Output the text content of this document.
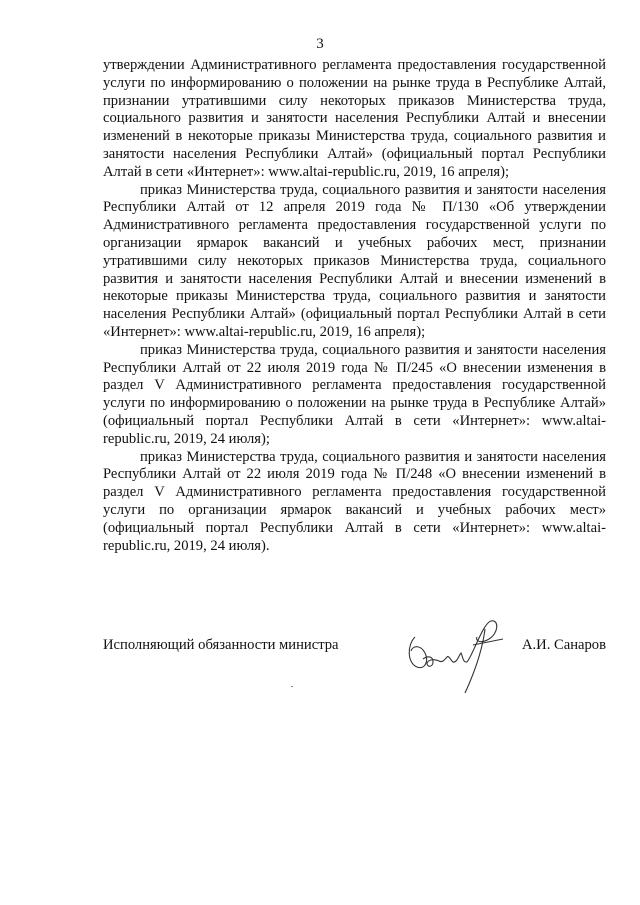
3

утверждении Административного регламента предоставления государственной услуги по информированию о положении на рынке труда в Республике Алтай, признании утратившими силу некоторых приказов Министерства труда, социального развития и занятости населения Республики Алтай и внесении изменений в некоторые приказы Министерства труда, социального развития и занятости населения Республики Алтай» (официальный портал Республики Алтай в сети «Интернет»: www.altai-republic.ru, 2019, 16 апреля);

приказ Министерства труда, социального развития и занятости населения Республики Алтай от 12 апреля 2019 года № П/130 «Об утверждении Административного регламента предоставления государственной услуги по организации ярмарок вакансий и учебных рабочих мест, признании утратившими силу некоторых приказов Министерства труда, социального развития и занятости населения Республики Алтай и внесении изменений в некоторые приказы Министерства труда, социального развития и занятости населения Республики Алтай» (официальный портал Республики Алтай в сети «Интернет»: www.altai-republic.ru, 2019, 16 апреля);

приказ Министерства труда, социального развития и занятости населения Республики Алтай от 22 июля 2019 года № П/245 «О внесении изменения в раздел V Административного регламента предоставления государственной услуги по информированию о положении на рынке труда в Республике Алтай» (официальный портал Республики Алтай в сети «Интернет»: www.altai-republic.ru, 2019, 24 июля);

приказ Министерства труда, социального развития и занятости населения Республики Алтай от 22 июля 2019 года № П/248 «О внесении изменений в раздел V Административного регламента предоставления государственной услуги по организации ярмарок вакансий и учебных рабочих мест» (официальный портал Республики Алтай в сети «Интернет»: www.altai-republic.ru, 2019, 24 июля).

Исполняющий обязанности министра	А.И. Санаров
